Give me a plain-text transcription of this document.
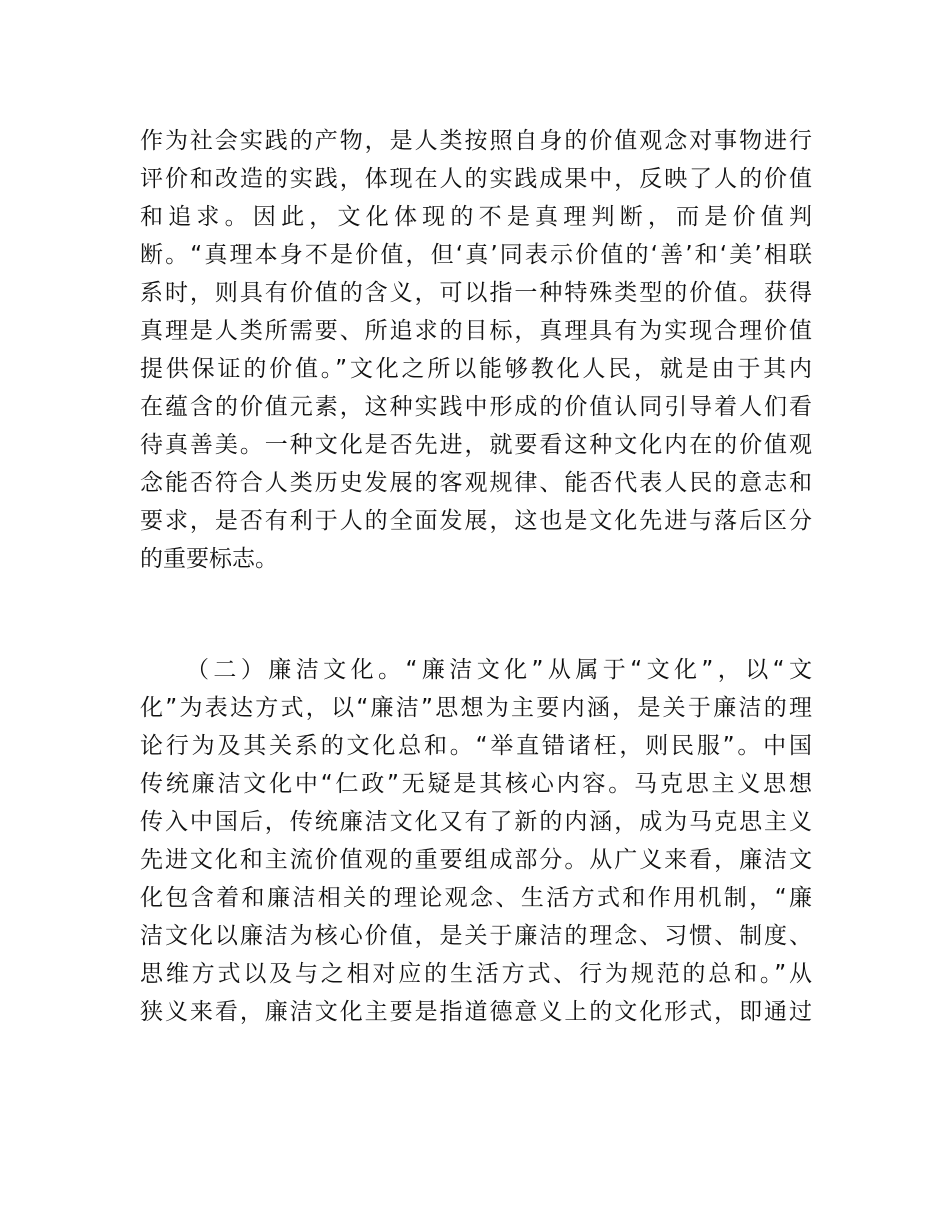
作为社会实践的产物，是人类按照自身的价值观念对事物进行
评价和改造的实践，体现在人的实践成果中，反映了人的价值
和追求。因此，文化体现的不是真理判断，而是价值判
断。“真理本身不是价值，但‘真’同表示价值的‘善’和‘美’相联
系时，则具有价值的含义，可以指一种特殊类型的价值。获得
真理是人类所需要、所追求的目标，真理具有为实现合理价值
提供保证的价值。”文化之所以能够教化人民，就是由于其内
在蕴含的价值元素，这种实践中形成的价值认同引导着人们看
待真善美。一种文化是否先进，就要看这种文化内在的价值观
念能否符合人类历史发展的客观规律、能否代表人民的意志和
要求，是否有利于人的全面发展，这也是文化先进与落后区分
的重要标志。
（二）廉洁文化。“廉洁文化”从属于“文化”，以“文
化”为表达方式，以“廉洁”思想为主要内涵，是关于廉洁的理
论行为及其关系的文化总和。“举直错诸枉，则民服”。中国
传统廉洁文化中“仁政”无疑是其核心内容。马克思主义思想
传入中国后，传统廉洁文化又有了新的内涵，成为马克思主义
先进文化和主流价值观的重要组成部分。从广义来看，廉洁文
化包含着和廉洁相关的理论观念、生活方式和作用机制，“廉
洁文化以廉洁为核心价值，是关于廉洁的理念、习惯、制度、
思维方式以及与之相对应的生活方式、行为规范的总和。”从
狭义来看，廉洁文化主要是指道德意义上的文化形式，即通过
